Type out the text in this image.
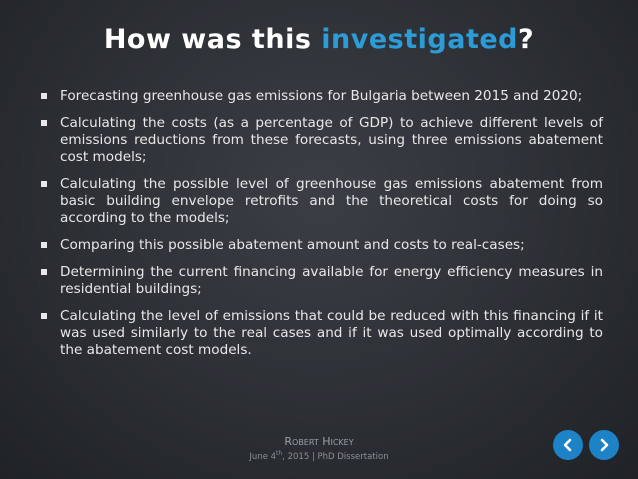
How was this investigated?
Forecasting greenhouse gas emissions for Bulgaria between 2015 and 2020;
Calculating the costs (as a percentage of GDP) to achieve different levels of emissions reductions from these forecasts, using three emissions abatement cost models;
Calculating the possible level of greenhouse gas emissions abatement from basic building envelope retrofits and the theoretical costs for doing so according to the models;
Comparing this possible abatement amount and costs to real-cases;
Determining the current financing available for energy efficiency measures in residential buildings;
Calculating the level of emissions that could be reduced with this financing if it was used similarly to the real cases and if it was used optimally according to the abatement cost models.
Robert Hickey
June 4th, 2015 | PhD Dissertation
